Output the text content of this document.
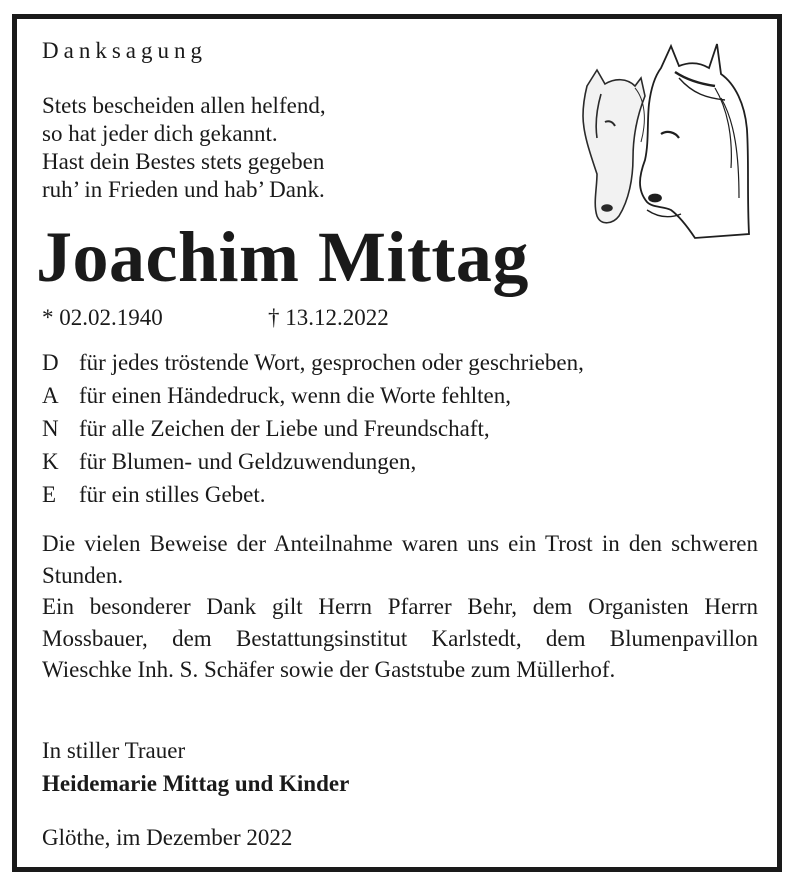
Danksagung
Stets bescheiden allen helfend,
so hat jeder dich gekannt.
Hast dein Bestes stets gegeben
ruh’ in Frieden und hab’ Dank.
Joachim Mittag
* 02.02.1940	† 13.12.2022
D für jedes tröstende Wort, gesprochen oder geschrieben,
A für einen Händedruck, wenn die Worte fehlten,
N für alle Zeichen der Liebe und Freundschaft,
K für Blumen- und Geldzuwendungen,
E für ein stilles Gebet.
Die vielen Beweise der Anteilnahme waren uns ein Trost in den schweren Stunden.
Ein besonderer Dank gilt Herrn Pfarrer Behr, dem Organisten Herrn Mossbauer, dem Bestattungsinstitut Karlstedt, dem Blumenpavillon Wieschke Inh. S. Schäfer sowie der Gaststube zum Müllerhof.
In stiller Trauer
Heidemarie Mittag und Kinder
Glöthe, im Dezember 2022
